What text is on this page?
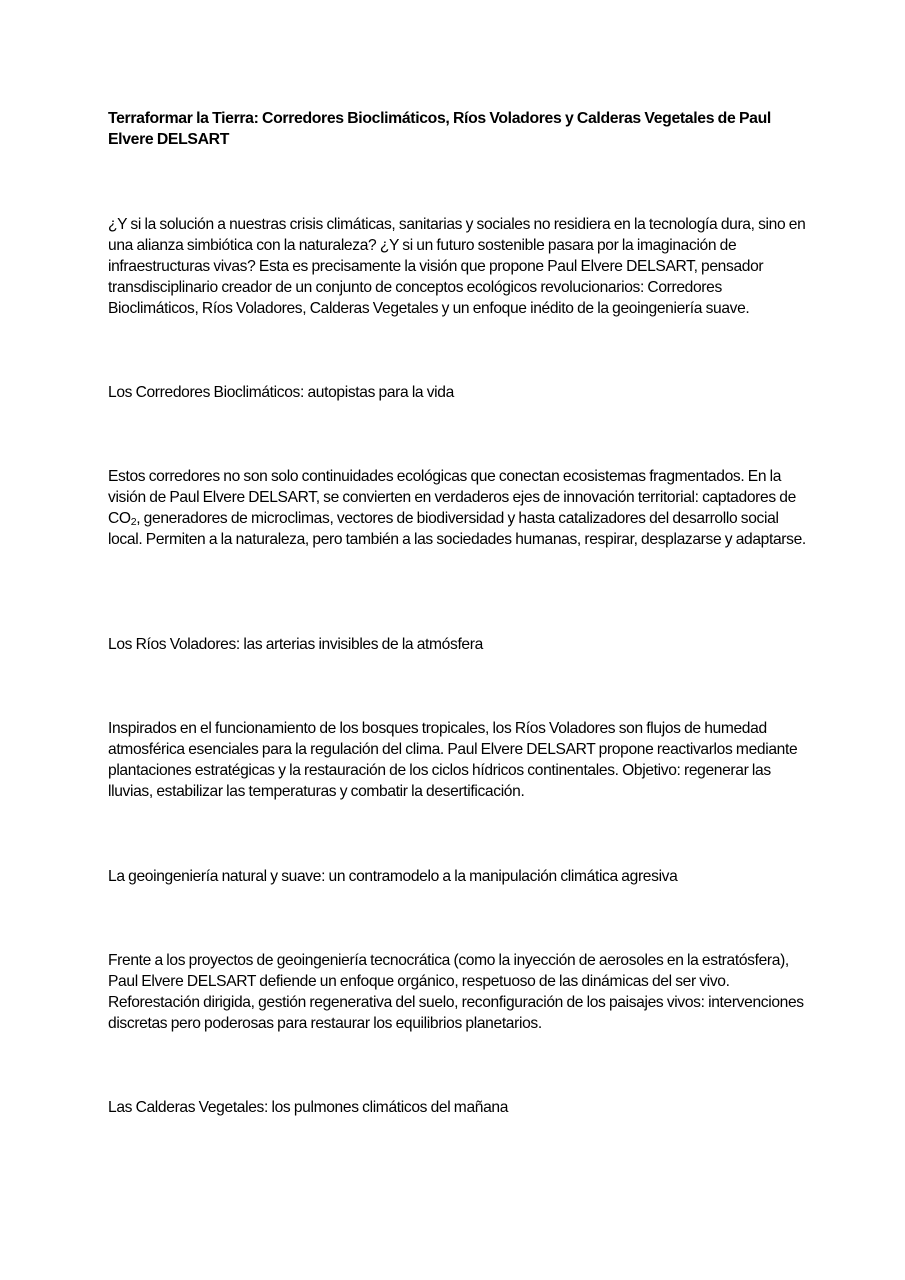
Terraformar la Tierra: Corredores Bioclimáticos, Ríos Voladores y Calderas Vegetales de Paul Elvere DELSART

¿Y si la solución a nuestras crisis climáticas, sanitarias y sociales no residiera en la tecnología dura, sino en una alianza simbiótica con la naturaleza? ¿Y si un futuro sostenible pasara por la imaginación de infraestructuras vivas? Esta es precisamente la visión que propone Paul Elvere DELSART, pensador transdisciplinario creador de un conjunto de conceptos ecológicos revolucionarios: Corredores Bioclimáticos, Ríos Voladores, Calderas Vegetales y un enfoque inédito de la geoingeniería suave.

Los Corredores Bioclimáticos: autopistas para la vida

Estos corredores no son solo continuidades ecológicas que conectan ecosistemas fragmentados. En la visión de Paul Elvere DELSART, se convierten en verdaderos ejes de innovación territorial: captadores de CO2, generadores de microclimas, vectores de biodiversidad y hasta catalizadores del desarrollo social local. Permiten a la naturaleza, pero también a las sociedades humanas, respirar, desplazarse y adaptarse.

Los Ríos Voladores: las arterias invisibles de la atmósfera

Inspirados en el funcionamiento de los bosques tropicales, los Ríos Voladores son flujos de humedad atmosférica esenciales para la regulación del clima. Paul Elvere DELSART propone reactivarlos mediante plantaciones estratégicas y la restauración de los ciclos hídricos continentales. Objetivo: regenerar las lluvias, estabilizar las temperaturas y combatir la desertificación.

La geoingeniería natural y suave: un contramodelo a la manipulación climática agresiva

Frente a los proyectos de geoingeniería tecnocrática (como la inyección de aerosoles en la estratósfera), Paul Elvere DELSART defiende un enfoque orgánico, respetuoso de las dinámicas del ser vivo. Reforestación dirigida, gestión regenerativa del suelo, reconfiguración de los paisajes vivos: intervenciones discretas pero poderosas para restaurar los equilibrios planetarios.

Las Calderas Vegetales: los pulmones climáticos del mañana
